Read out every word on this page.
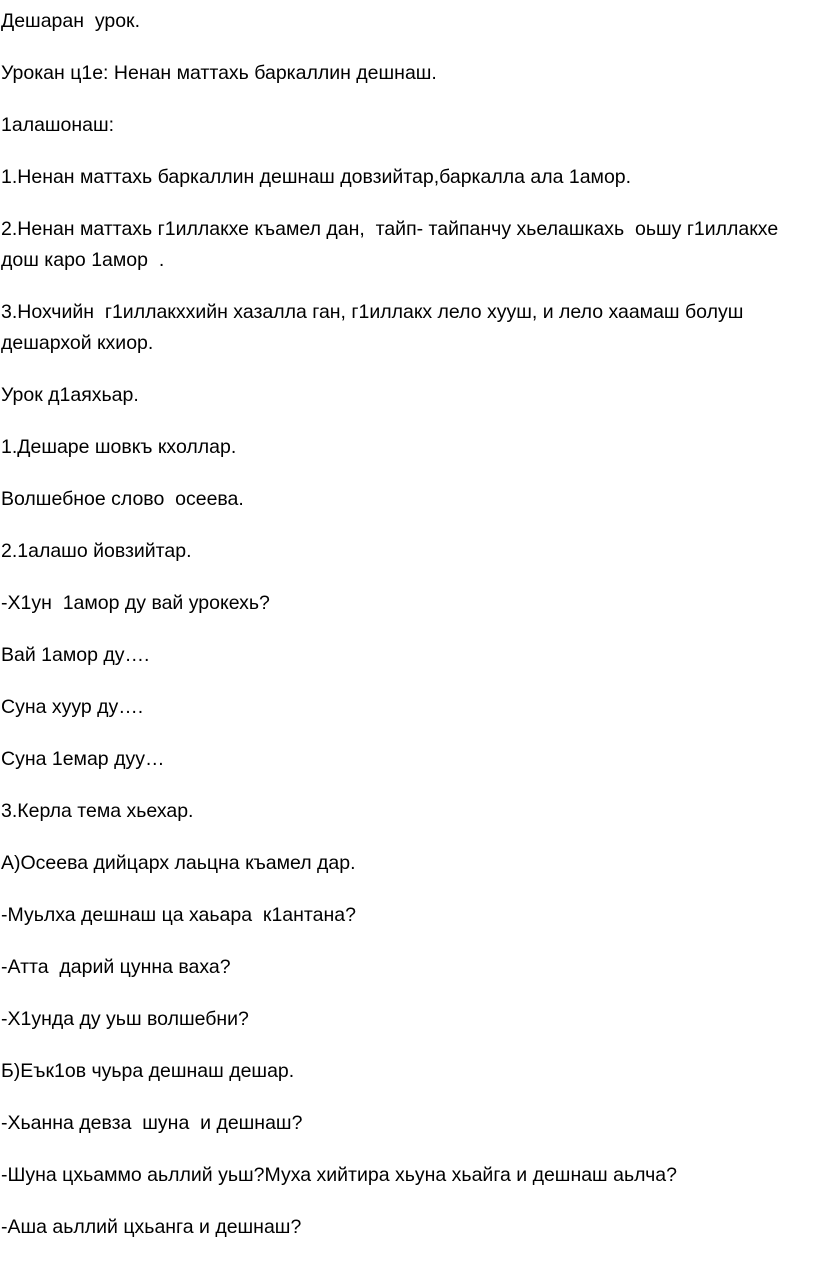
Дешаран  урок.

Урокан ц1е: Ненан маттахь баркаллин дешнаш.

1алашонаш:

1.Ненан маттахь баркаллин дешнаш довзийтар,баркалла ала 1амор.

2.Ненан маттахь г1иллакхе къамел дан,  тайп- тайпанчу хьелашкахь  оьшу г1иллакхе дош каро 1амор  .

3.Нохчийн  г1иллакххийн хазалла ган, г1иллакх лело хууш, и лело хаамаш болуш дешархой кхиор.

Урок д1аяхьар.

1.Дешаре шовкъ кхоллар.

Волшебное слово  осеева.

2.1алашо йовзийтар.

-Х1ун  1амор ду вай урокехь?

Вай 1амор ду….

Суна хуур ду….

Суна 1емар дуу…

3.Керла тема хьехар.

А)Осеева дийцарх лаьцна къамел дар.

-Муьлха дешнаш ца хаьара  к1антана?

-Атта  дарий цунна ваха?

-Х1унда ду уьш волшебни?

Б)Еък1ов чуьра дешнаш дешар.

-Хьанна девза  шуна  и дешнаш?

-Шуна цхьаммо аьллий уьш?Муха хийтира хьуна хьайга и дешнаш аьлча?

-Аша аьллий цхьанга и дешнаш?
